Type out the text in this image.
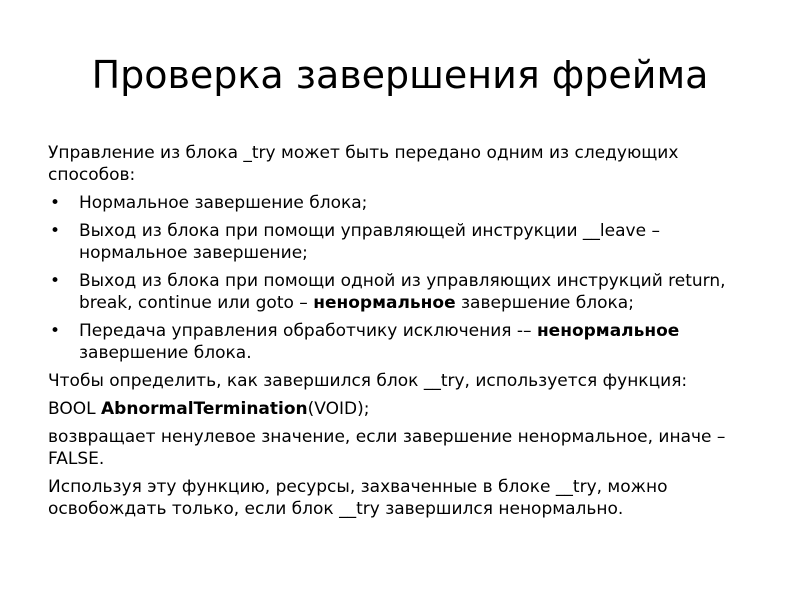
Проверка завершения фрейма

Управление из блока _try может быть передано одним из следующих способов:

• Нормальное завершение блока;
• Выход из блока при помощи управляющей инструкции __leave – нормальное завершение;
• Выход из блока при помощи одной из управляющих инструкций return, break, continue или goto – ненормальное завершение блока;
• Передача управления обработчику исключения -– ненормальное завершение блока.

Чтобы определить, как завершился блок __try, используется функция:

BOOL AbnormalTermination(VOID);

возвращает ненулевое значение, если завершение ненормальное, иначе – FALSE.

Используя эту функцию, ресурсы, захваченные в блоке __try, можно освобождать только, если блок __try завершился ненормально.
